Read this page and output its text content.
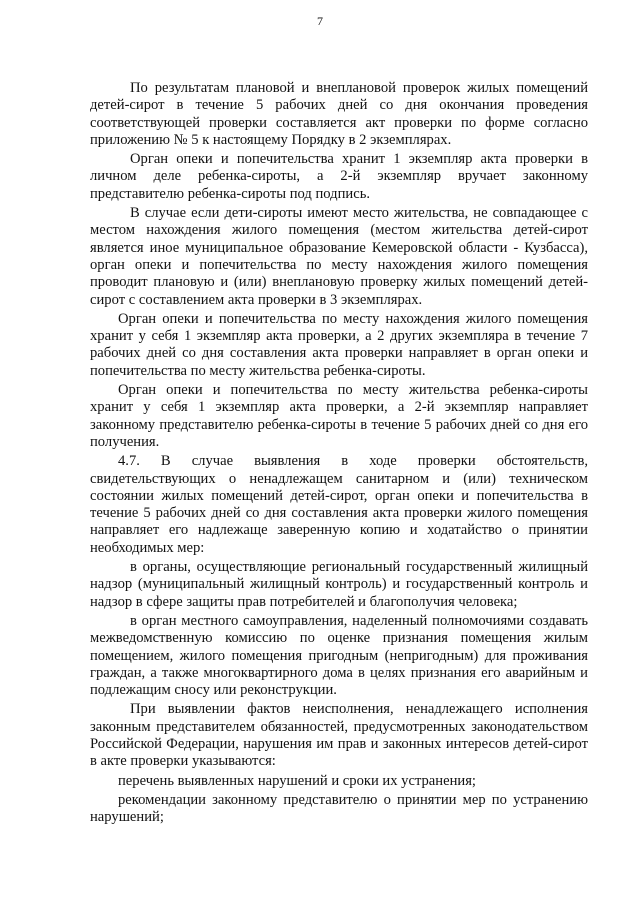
7

По результатам плановой и внеплановой проверок жилых помещений детей-сирот в течение 5 рабочих дней со дня окончания проведения соответствующей проверки составляется акт проверки по форме согласно приложению № 5 к настоящему Порядку в 2 экземплярах.

Орган опеки и попечительства хранит 1 экземпляр акта проверки в личном деле ребенка-сироты, а 2-й экземпляр вручает законному представителю ребенка-сироты под подпись.

В случае если дети-сироты имеют место жительства, не совпадающее с местом нахождения жилого помещения (местом жительства детей-сирот является иное муниципальное образование Кемеровской области - Кузбасса), орган опеки и попечительства по месту нахождения жилого помещения проводит плановую и (или) внеплановую проверку жилых помещений детей-сирот с составлением акта проверки в 3 экземплярах.

Орган опеки и попечительства по месту нахождения жилого помещения хранит у себя 1 экземпляр акта проверки, а 2 других экземпляра в течение 7 рабочих дней со дня составления акта проверки направляет в орган опеки и попечительства по месту жительства ребенка-сироты.

Орган опеки и попечительства по месту жительства ребенка-сироты хранит у себя 1 экземпляр акта проверки, а 2-й экземпляр направляет законному представителю ребенка-сироты в течение 5 рабочих дней со дня его получения.

4.7. В случае выявления в ходе проверки обстоятельств, свидетельствующих о ненадлежащем санитарном и (или) техническом состоянии жилых помещений детей-сирот, орган опеки и попечительства в течение 5 рабочих дней со дня составления акта проверки жилого помещения направляет его надлежаще заверенную копию и ходатайство о принятии необходимых мер:

в органы, осуществляющие региональный государственный жилищный надзор (муниципальный жилищный контроль) и государственный контроль и надзор в сфере защиты прав потребителей и благополучия человека;

в орган местного самоуправления, наделенный полномочиями создавать межведомственную комиссию по оценке признания помещения жилым помещением, жилого помещения пригодным (непригодным) для проживания граждан, а также многоквартирного дома в целях признания его аварийным и подлежащим сносу или реконструкции.

При выявлении фактов неисполнения, ненадлежащего исполнения законным представителем обязанностей, предусмотренных законодательством Российской Федерации, нарушения им прав и законных интересов детей-сирот в акте проверки указываются:

перечень выявленных нарушений и сроки их устранения;

рекомендации законному представителю о принятии мер по устранению нарушений;
